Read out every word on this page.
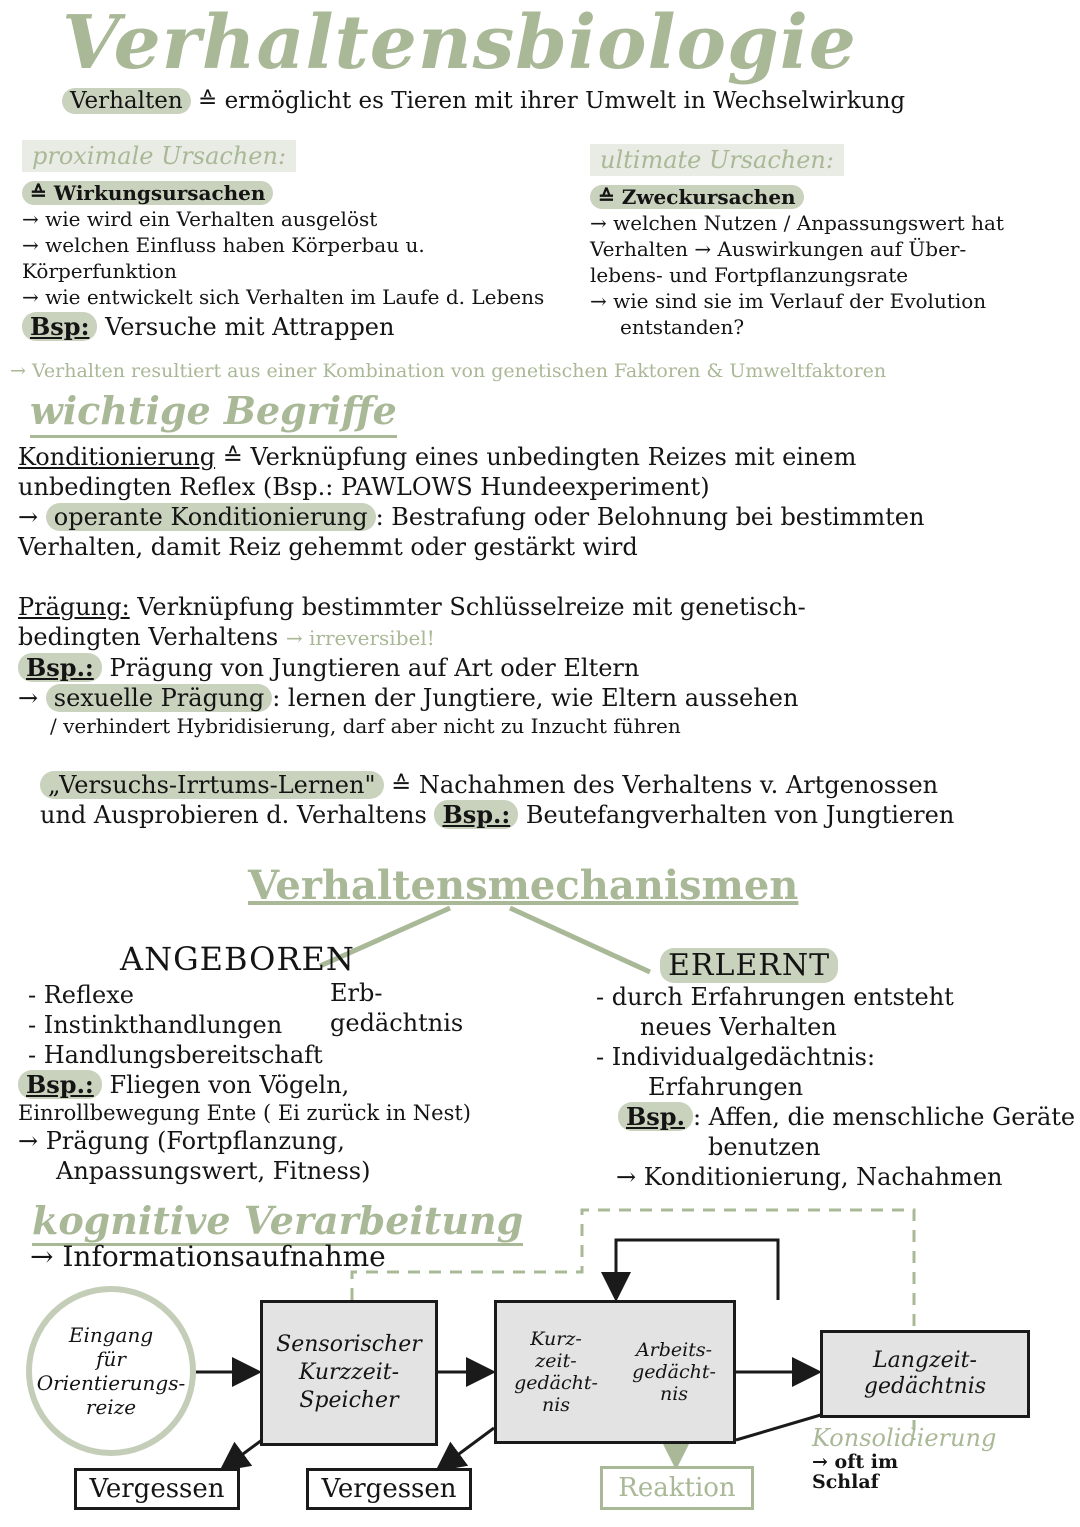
Verhaltensbiologie
Verhalten ≙ ermöglicht es Tieren mit ihrer Umwelt in Wechselwirkung
proximale Ursachen:
≙ Wirkungsursachen
→ wie wird ein Verhalten ausgelöst
→ welchen Einfluss haben Körperbau u.
Körperfunktion
→ wie entwickelt sich Verhalten im Laufe d. Lebens
Bsp: Versuche mit Attrappen
ultimate Ursachen:
≙ Zweckursachen
→ welchen Nutzen / Anpassungswert hat
Verhalten → Auswirkungen auf Über-
lebens- und Fortpflanzungsrate
→ wie sind sie im Verlauf der Evolution
entstanden?
→ Verhalten resultiert aus einer Kombination von genetischen Faktoren & Umweltfaktoren
wichtige Begriffe
Konditionierung ≙ Verknüpfung eines unbedingten Reizes mit einem
unbedingten Reflex (Bsp.: PAWLOWS Hundeexperiment)
→ operante Konditionierung : Bestrafung oder Belohnung bei bestimmten
Verhalten, damit Reiz gehemmt oder gestärkt wird
Prägung: Verknüpfung bestimmter Schlüsselreize mit genetisch-
bedingten Verhaltens → irreversibel!
Bsp.: Prägung von Jungtieren auf Art oder Eltern
→ sexuelle Prägung : lernen der Jungtiere, wie Eltern aussehen
/ verhindert Hybridisierung, darf aber nicht zu Inzucht führen
„Versuchs-Irrtums-Lernen" ≙ Nachahmen des Verhaltens v. Artgenossen
und Ausprobieren d. Verhaltens Bsp.: Beutefangverhalten von Jungtieren
Verhaltensmechanismen
ANGEBOREN
- Reflexe
- Instinkthandlungen
- Handlungsbereitschaft
Erb-
gedächtnis
Bsp.: Fliegen von Vögeln,
Einrollbewegung Ente ( Ei zurück in Nest)
→ Prägung (Fortpflanzung,
Anpassungswert, Fitness)
ERLERNT
- durch Erfahrungen entsteht
neues Verhalten
- Individualgedächtnis:
Erfahrungen
Bsp. : Affen, die menschliche Geräte
benutzen
→ Konditionierung, Nachahmen
kognitive Verarbeitung
→ Informationsaufnahme
Eingang
für
Orientierungs-
reize
Sensorischer
Kurzzeit-
Speicher
Kurz-
zeit-
gedächt-
nis
Arbeits-
gedächt-
nis
Langzeit-
gedächtnis
Vergessen	Vergessen	Reaktion
Konsolidierung
→ oft im
Schlaf
